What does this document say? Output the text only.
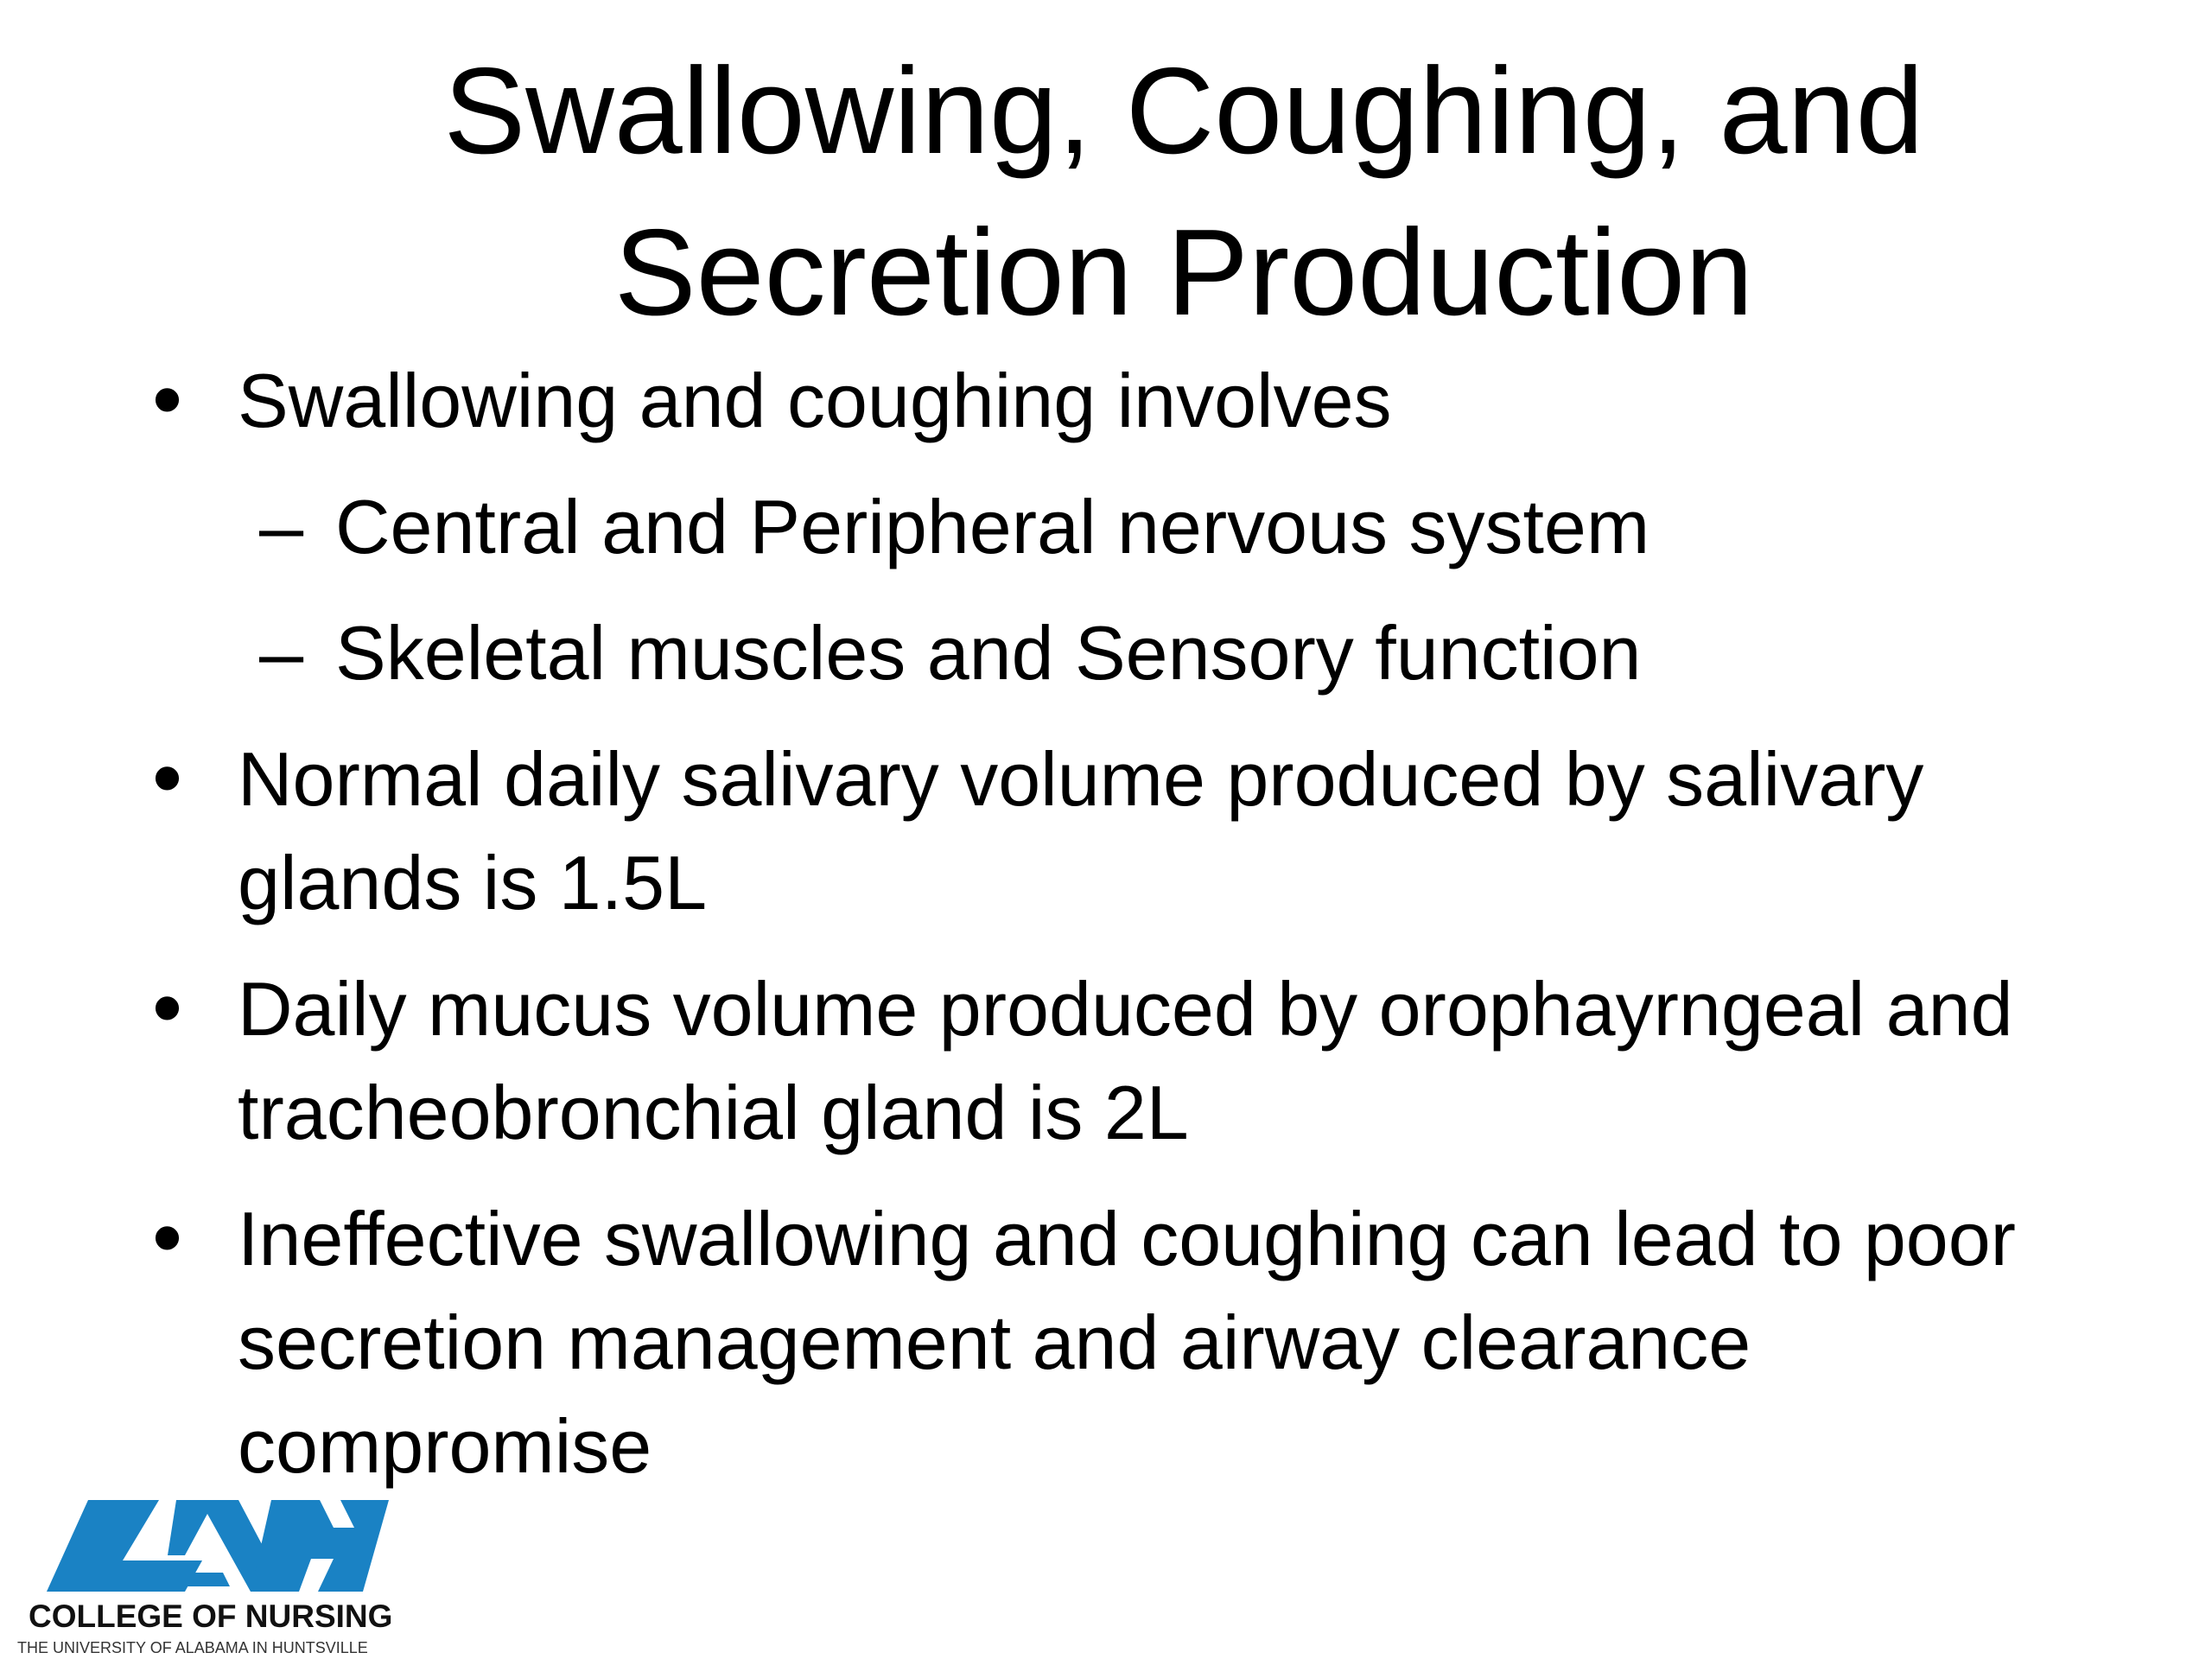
Swallowing, Coughing, and
Secretion Production
• Swallowing and coughing involves
– Central and Peripheral nervous system
– Skeletal muscles and Sensory function
• Normal daily salivary volume produced by salivary
glands is 1.5L
• Daily mucus volume produced by orophayrngeal and
tracheobronchial gland is 2L
• Ineffective swallowing and coughing can lead to poor
secretion management and airway clearance
compromise
COLLEGE OF NURSING
THE UNIVERSITY OF ALABAMA IN HUNTSVILLE
